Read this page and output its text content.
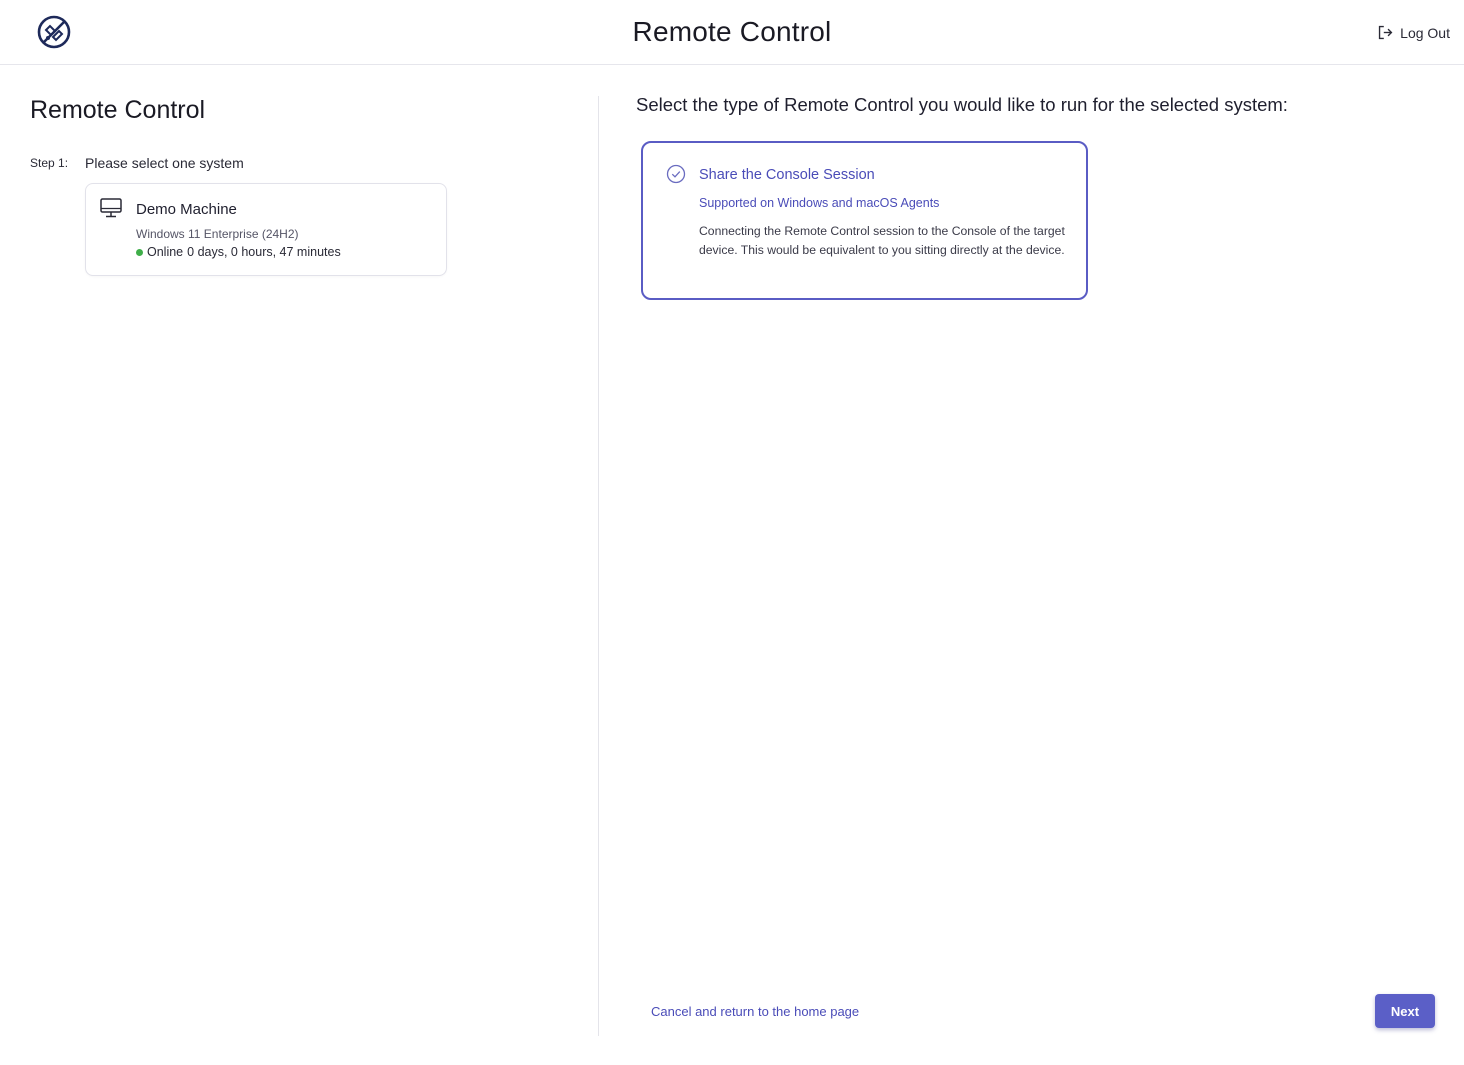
Remote Control	Log Out
Remote Control
Step 1: Please select one system
Demo Machine
Windows 11 Enterprise (24H2)
Online 0 days, 0 hours, 47 minutes
Select the type of Remote Control you would like to run for the selected system:
Share the Console Session
Supported on Windows and macOS Agents
Connecting the Remote Control session to the Console of the target device. This would be equivalent to you sitting directly at the device.
Cancel and return to the home page	Next
